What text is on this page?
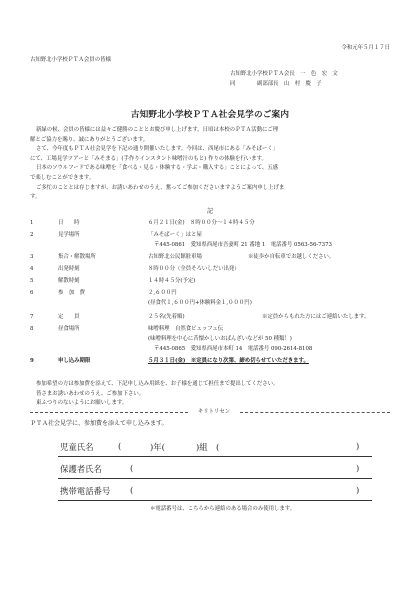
令和元年５月１７日
古知野北小学校ＰＴＡ会員の皆様
古知野北小学校ＰＴＡ会長　一　色　宏　文
同　　　　副部部長　山　村　慶　子
古知野北小学校ＰＴＡ社会見学のご案内

新緑の候、会員の皆様には益々ご健勝のこととお慶び申し上げます。日頃は本校のＰＴＡ活動にご理

解とご協力を賜り、誠にありがとうございます。

さて、今年度もＰＴＡ社会見学を下記の通り開催いたします。今回は、西尾市にある「みそぱーく」

にて、工場見学ツアーと「みそまる」(手作りインスタント味噌汁のもと) 作りの体験を行います。

日本のソウルフードである味噌を「食べる・見る・体験する・学ぶ・購入する」ことによって、五感

で楽しむことができます。

ご多忙のこととは存じますが、お誘いあわせのうえ、奮ってご参加くださいますようご案内申し上げま

す。

記
1	日　　時	６月２１日(金)　８時００分～１４時４５分
2	見学場所	「みそぱーく」はと屋
〒445-0861　愛知県西尾市吾妻町 21 番地 1　電話番号 0563-56-7373
3	集合・解散場所	古知野北公民館駐車場	※徒歩か自転車でお越しください。
4	出発時刻	８時００分（全員そろいしだい出発）
5	解散時刻	１４時４５分(予定)
6	参　加　費	２,６００円
(昼食代１,６００円+体験料金１,０００円)
7	定　　員	２５名(先着順)	※定員からもれた方にはご連絡いたします。
8	昼食場所	味噌料理　自然食ビュッフェ伝
(味噌料理を中心に昔懐かしいおばんざいなどが 50 種類！)
〒445-0865　愛知県西尾市本町 14　電話番号 090-2614-8108
9	申し込み期限	５月３１日(金)　※定員になり次第、締め切らせていただきます。

参加希望の方は参加費を添えて、下記申し込み用紙を、お子様を通じて担任まで提出してください。

皆さまお誘いあわせのうえ、ご参加下さい。

東ふつりのないようにお願いします。

キリトリセン
ＰＴＡ社会見学に、参加費を添えて申し込みます。
児童氏名	(	)年(	)組　(	)
保護者氏名	(	)
携帯電話番号 (	)
＊電話番号は、こちらから連絡のある場合のみ使用します。
